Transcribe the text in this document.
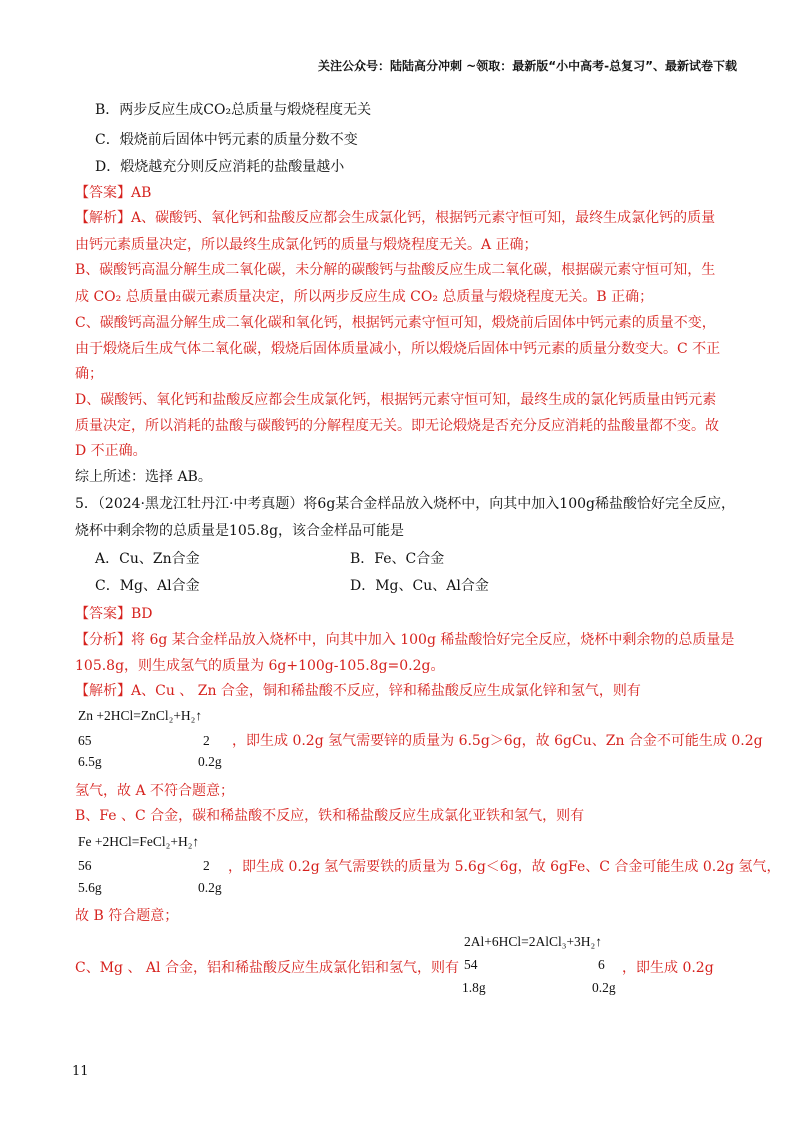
关注公众号：陆陆高分冲刺 ~领取：最新版“小中高考-总复习”、最新试卷下载
B．两步反应生成CO₂总质量与煅烧程度无关
C．煅烧前后固体中钙元素的质量分数不变
D．煅烧越充分则反应消耗的盐酸量越小
【答案】AB
【解析】A、碳酸钙、氧化钙和盐酸反应都会生成氯化钙，根据钙元素守恒可知，最终生成氯化钙的质量
由钙元素质量决定，所以最终生成氯化钙的质量与煅烧程度无关。A 正确；
B、碳酸钙高温分解生成二氧化碳，未分解的碳酸钙与盐酸反应生成二氧化碳，根据碳元素守恒可知，生
成 CO₂ 总质量由碳元素质量决定，所以两步反应生成 CO₂ 总质量与煅烧程度无关。B 正确；
C、碳酸钙高温分解生成二氧化碳和氧化钙，根据钙元素守恒可知，煅烧前后固体中钙元素的质量不变，
由于煅烧后生成气体二氧化碳，煅烧后固体质量减小，所以煅烧后固体中钙元素的质量分数变大。C 不正
确；
D、碳酸钙、氧化钙和盐酸反应都会生成氯化钙，根据钙元素守恒可知，最终生成的氯化钙质量由钙元素
质量决定，所以消耗的盐酸与碳酸钙的分解程度无关。即无论煅烧是否充分反应消耗的盐酸量都不变。故
D 不正确。
综上所述：选择 AB。
5．（2024·黑龙江牡丹江·中考真题）将6g某合金样品放入烧杯中，向其中加入100g稀盐酸恰好完全反应，
烧杯中剩余物的总质量是105.8g，该合金样品可能是
A．Cu、Zn合金	B．Fe、C合金
C．Mg、Al合金	D．Mg、Cu、Al合金
【答案】BD
【分析】将 6g 某合金样品放入烧杯中，向其中加入 100g 稀盐酸恰好完全反应，烧杯中剩余物的总质量是
105.8g，则生成氢气的质量为 6g+100g-105.8g=0.2g。
【解析】A、Cu 、 Zn 合金，铜和稀盐酸不反应，锌和稀盐酸反应生成氯化锌和氢气，则有
Zn +2HCl=ZnCl₂+H₂↑
65	2
6.5g	0.2g
，即生成 0.2g 氢气需要锌的质量为 6.5g＞6g，故 6gCu、Zn 合金不可能生成 0.2g
氢气，故 A 不符合题意；
B、Fe 、C 合金，碳和稀盐酸不反应，铁和稀盐酸反应生成氯化亚铁和氢气，则有
Fe +2HCl=FeCl₂+H₂↑
56	2
5.6g	0.2g
，即生成 0.2g 氢气需要铁的质量为 5.6g＜6g，故 6gFe、C 合金可能生成 0.2g 氢气，
故 B 符合题意；
2Al+6HCl=2AlCl₃+3H₂↑
C、Mg 、 Al 合金，铝和稀盐酸反应生成氯化铝和氢气，则有 54	6
1.8g	0.2g
，即生成 0.2g
11
